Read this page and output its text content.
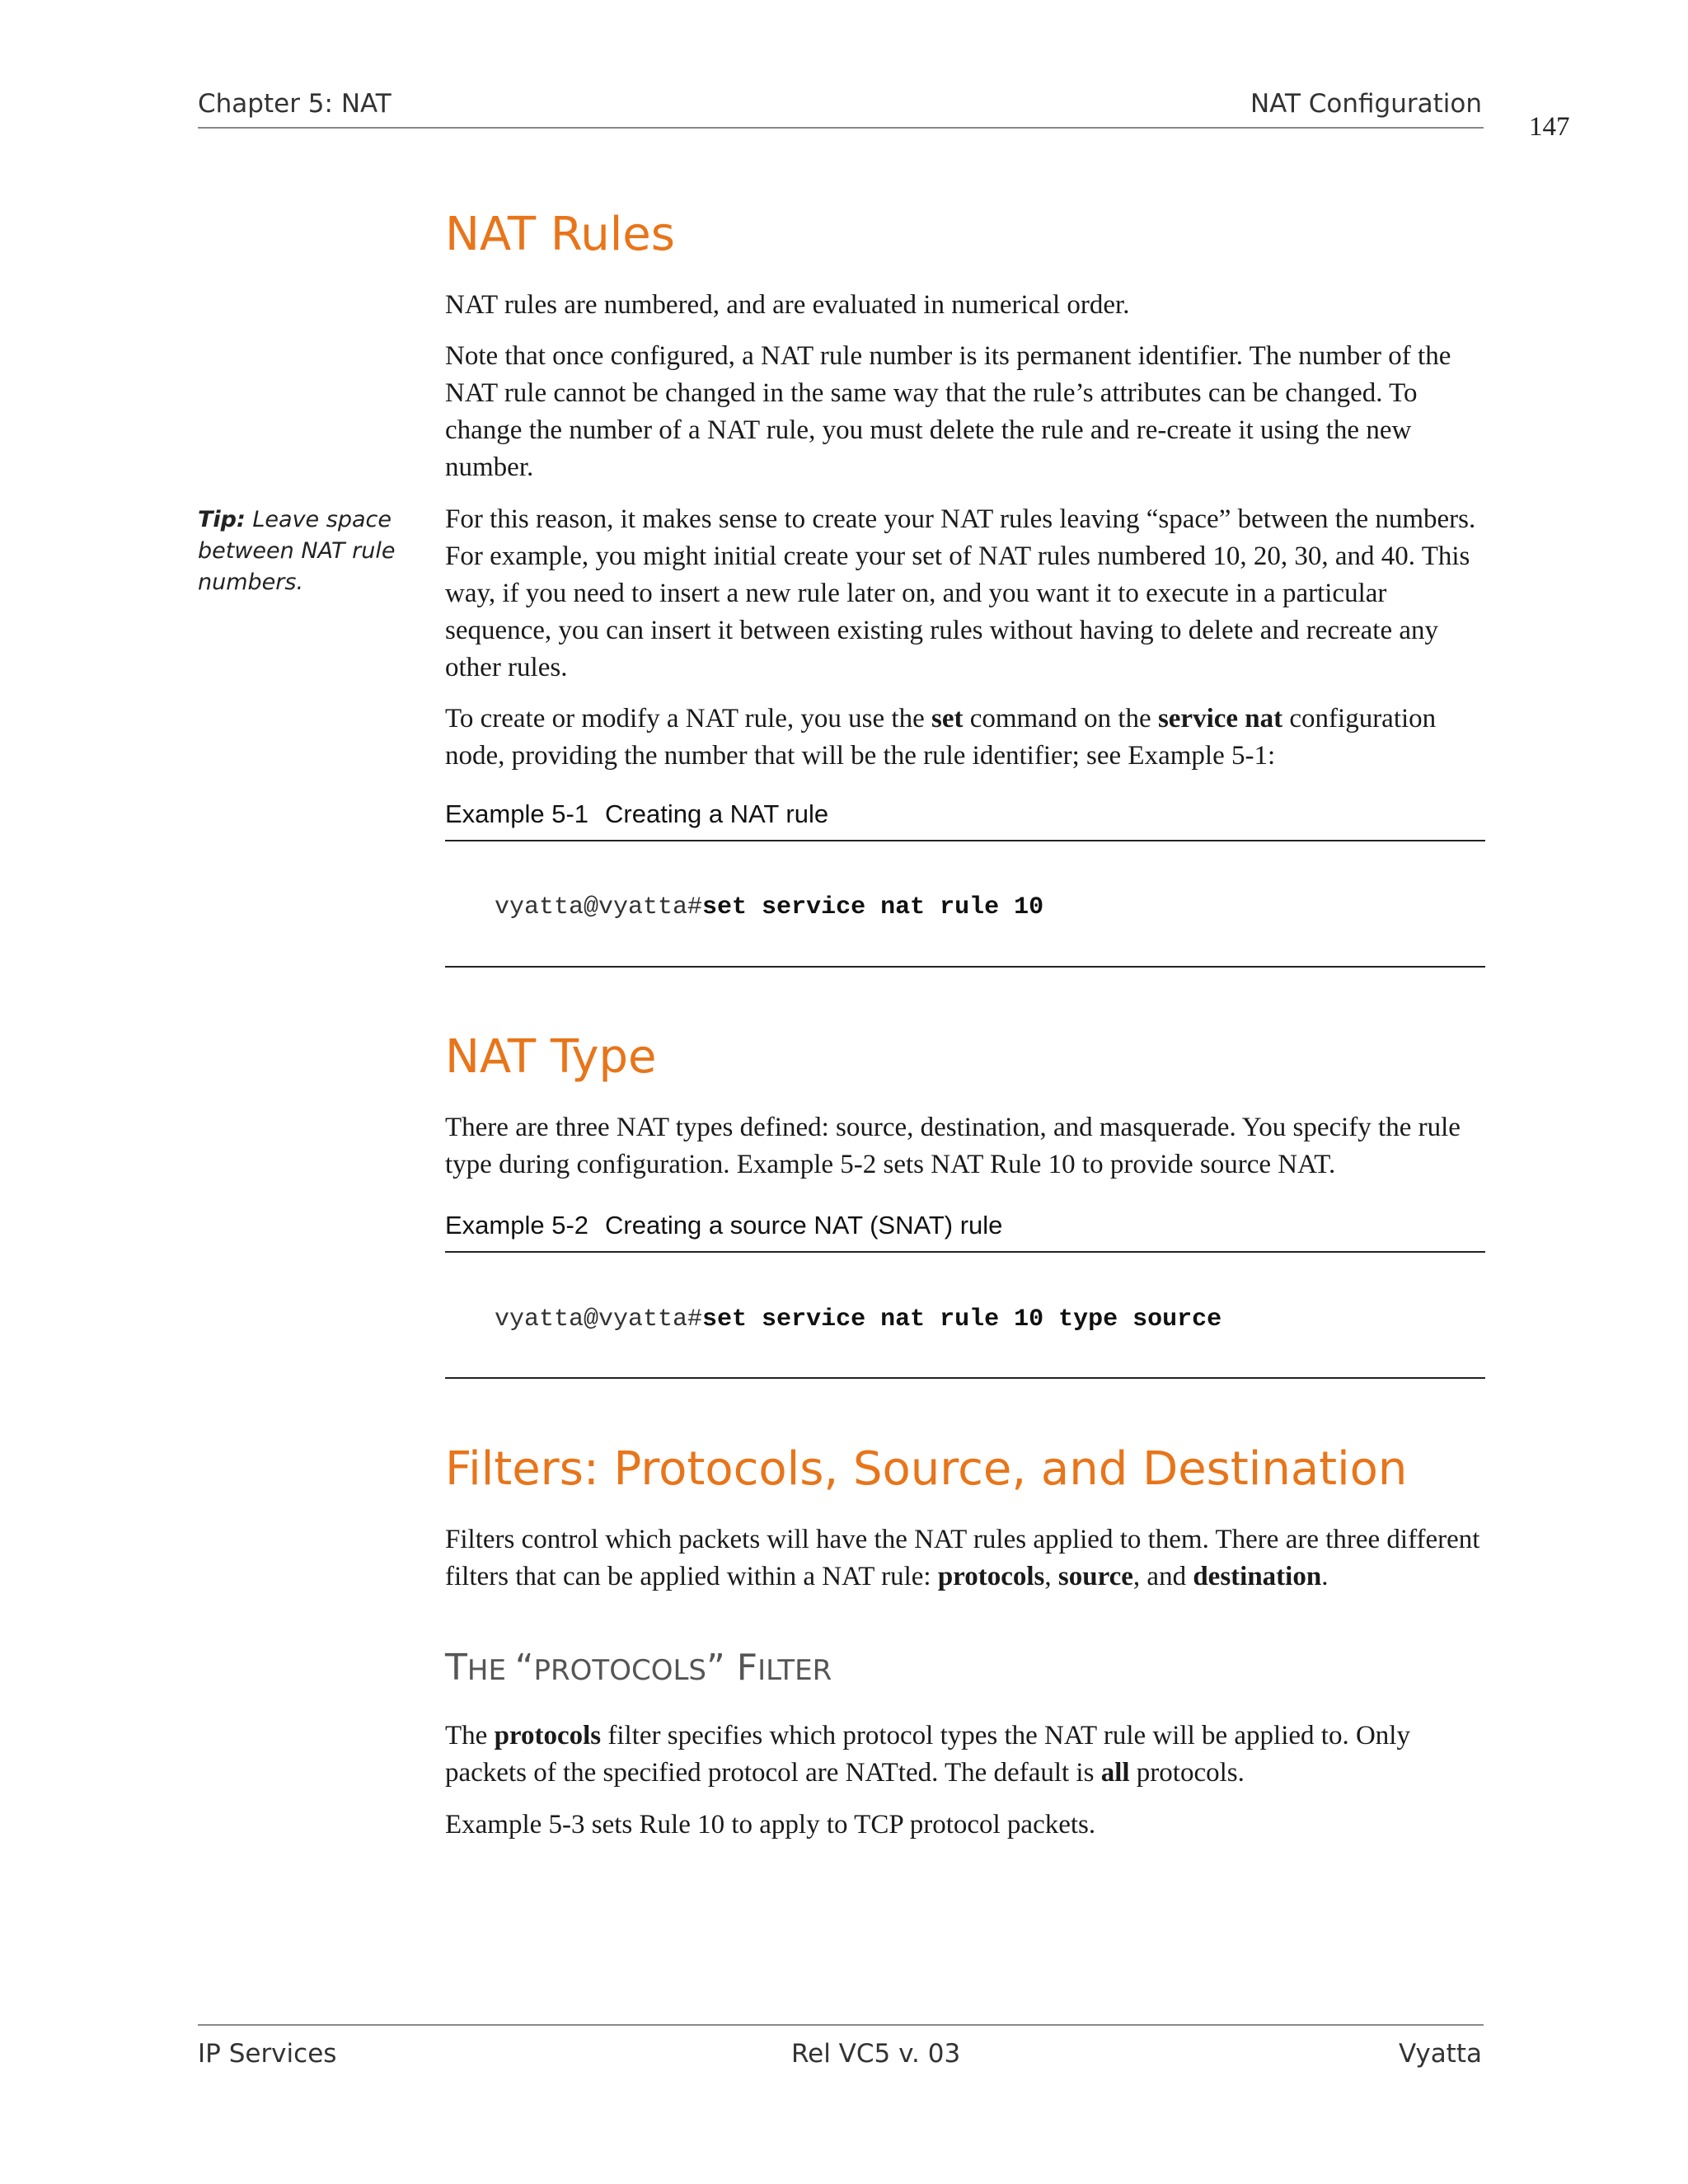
Chapter 5: NAT	NAT Configuration
147
Tip: Leave space between NAT rule numbers.
NAT Rules

NAT rules are numbered, and are evaluated in numerical order.

Note that once configured, a NAT rule number is its permanent identifier. The number of the NAT rule cannot be changed in the same way that the rule’s attributes can be changed. To change the number of a NAT rule, you must delete the rule and re-create it using the new number.

For this reason, it makes sense to create your NAT rules leaving “space” between the numbers. For example, you might initial create your set of NAT rules numbered 10, 20, 30, and 40. This way, if you need to insert a new rule later on, and you want it to execute in a particular sequence, you can insert it between existing rules without having to delete and recreate any other rules.

To create or modify a NAT rule, you use the set command on the service nat configuration node, providing the number that will be the rule identifier; see Example 5-1:

Example 5-1 Creating a NAT rule
vyatta@vyatta#set service nat rule 10
NAT Type

There are three NAT types defined: source, destination, and masquerade. You specify the rule type during configuration. Example 5-2 sets NAT Rule 10 to provide source NAT.

Example 5-2 Creating a source NAT (SNAT) rule
vyatta@vyatta#set service nat rule 10 type source
Filters: Protocols, Source, and Destination

Filters control which packets will have the NAT rules applied to them. There are three different filters that can be applied within a NAT rule: protocols, source, and destination.

THE “PROTOCOLS” FILTER

The protocols filter specifies which protocol types the NAT rule will be applied to. Only packets of the specified protocol are NATted. The default is all protocols.

Example 5-3 sets Rule 10 to apply to TCP protocol packets.

IP Services	Rel VC5 v. 03	Vyatta
